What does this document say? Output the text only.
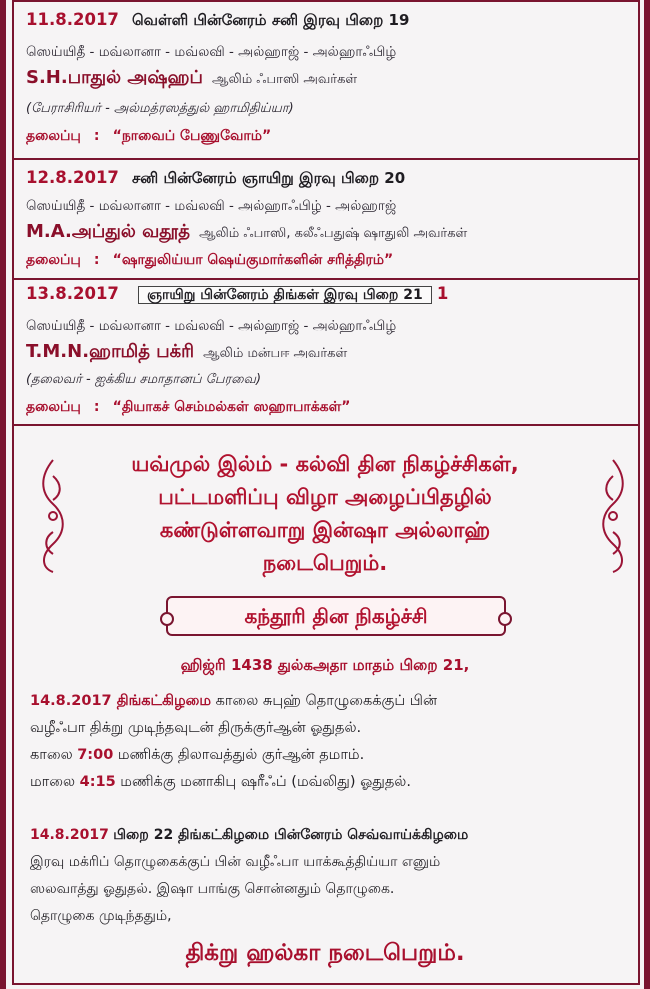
11.8.2017 வெள்ளி பின்னேரம் சனி இரவு பிறை 19
ஸெய்யிதீ - மவ்லானா - மவ்லவி - அல்ஹாஜ் - அல்ஹாஃபிழ்
S.H.பாதுல் அஷ்ஹப் ஆலிம் ஃபாஸி அவர்கள்
(பேராசிரியர் - அல்மத்ரஸத்துல் ஹாமிதிய்யா)
தலைப்பு : “நாவைப் பேணுவோம்”
12.8.2017 சனி பின்னேரம் ஞாயிறு இரவு பிறை 20
ஸெய்யிதீ - மவ்லானா - மவ்லவி - அல்ஹாஃபிழ் - அல்ஹாஜ்
M.A.அப்துல் வதூத் ஆலிம் ஃபாஸி, கலீஃபதுஷ் ஷாதுலி அவர்கள்
தலைப்பு : “ஷாதுலிய்யா ஷெய்குமார்களின் சரித்திரம்”
13.8.2017 ஞாயிறு பின்னேரம் திங்கள் இரவு பிறை 21 1
ஸெய்யிதீ - மவ்லானா - மவ்லவி - அல்ஹாஜ் - அல்ஹாஃபிழ்
T.M.N.ஹாமித் பக்ரி ஆலிம் மன்பஈ அவர்கள்
(தலைவர் - ஐக்கிய சமாதானப் பேரவை)
தலைப்பு : “தியாகச் செம்மல்கள் ஸஹாபாக்கள்”
யவ்முல் இல்ம் - கல்வி தின நிகழ்ச்சிகள்,
பட்டமளிப்பு விழா அழைப்பிதழில்
கண்டுள்ளவாறு இன்ஷா அல்லாஹ்
நடைபெறும்.
கந்தூரி தின நிகழ்ச்சி
ஹிஜ்ரி 1438 துல்கஅதா மாதம் பிறை 21,
14.8.2017 திங்கட்கிழமை காலை சுபுஹ் தொழுகைக்குப் பின்
வழீஃபா திக்று முடிந்தவுடன் திருக்குர்ஆன் ஓதுதல்.
காலை 7:00 மணிக்கு திலாவத்துல் குர்ஆன் தமாம்.
மாலை 4:15 மணிக்கு மனாகிபு ஷரீஃப் (மவ்லிது) ஓதுதல்.
14.8.2017 பிறை 22 திங்கட்கிழமை பின்னேரம் செவ்வாய்க்கிழமை
இரவு மக்ரிப் தொழுகைக்குப் பின் வழீஃபா யாக்கூத்திய்யா எனும்
ஸலவாத்து ஓதுதல். இஷா பாங்கு சொன்னதும் தொழுகை.
தொழுகை முடிந்ததும்,
திக்று ஹல்கா நடைபெறும்.
